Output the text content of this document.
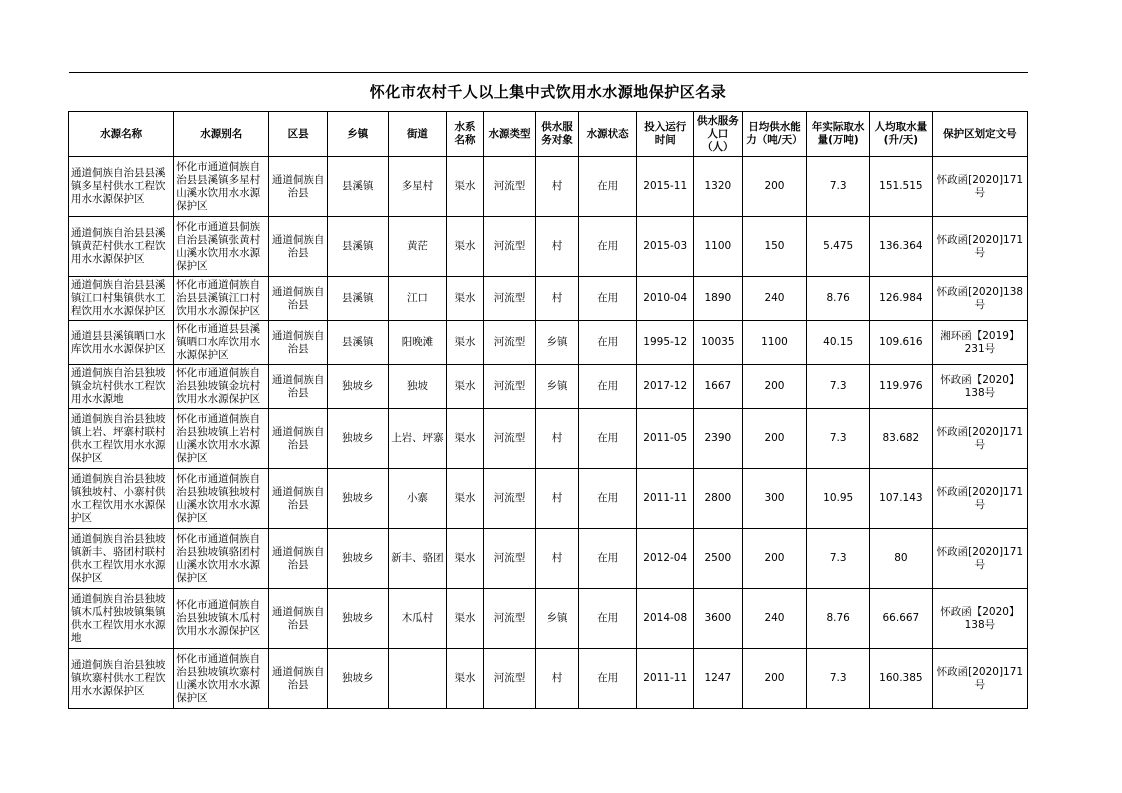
怀化市农村千人以上集中式饮用水水源地保护区名录														
水源名称	水源别名	区县	乡镇	街道	水系名称	水源类型	供水服务对象	水源状态	投入运行时间	供水服务人口（人）	日均供水能力（吨/天）	年实际取水量(万吨)	人均取水量(升/天)	保护区划定文号

通道侗族自治县县溪镇多星村供水工程饮用水水源保护区	怀化市通道侗族自治县县溪镇多星村山溪水饮用水水源保护区	通道侗族自治县	县溪镇	多星村	渠水	河流型	村	在用	2015-11	1320	200	7.3	151.515	怀政函[2020]171号

通道侗族自治县县溪镇黄茫村供水工程饮用水水源保护区	怀化市通道县侗族自治县溪镇张黄村山溪水饮用水水源保护区	通道侗族自治县	县溪镇	黄茫	渠水	河流型	村	在用	2015-03	1100	150	5.475	136.364	怀政函[2020]171号

通道侗族自治县县溪镇江口村集镇供水工程饮用水水源保护区	怀化市通道侗族自治县县溪镇江口村饮用水水源保护区	通道侗族自治县	县溪镇	江口	渠水	河流型	村	在用	2010-04	1890	240	8.76	126.984	怀政函[2020]138号

通道县县溪镇晒口水库饮用水水源保护区	怀化市通道县县溪镇晒口水库饮用水水源保护区	通道侗族自治县	县溪镇	阳晚滩	渠水	河流型	乡镇	在用	1995-12	10035	1100	40.15	109.616	湘环函【2019】231号

通道侗族自治县独坡镇金坑村供水工程饮用水水源地	怀化市通道侗族自治县独坡镇金坑村饮用水水源保护区	通道侗族自治县	独坡乡	独坡	渠水	河流型	乡镇	在用	2017-12	1667	200	7.3	119.976	怀政函【2020】138号

通道侗族自治县独坡镇上岩、坪寨村联村供水工程饮用水水源保护区	怀化市通道侗族自治县独坡镇上岩村山溪水饮用水水源保护区	通道侗族自治县	独坡乡	上岩、坪寨	渠水	河流型	村	在用	2011-05	2390	200	7.3	83.682	怀政函[2020]171号

通道侗族自治县独坡镇独坡村、小寨村供水工程饮用水水源保护区	怀化市通道侗族自治县独坡镇独坡村山溪水饮用水水源保护区	通道侗族自治县	独坡乡	小寨	渠水	河流型	村	在用	2011-11	2800	300	10.95	107.143	怀政函[2020]171号

通道侗族自治县独坡镇新丰、骆团村联村供水工程饮用水水源保护区	怀化市通道侗族自治县独坡镇骆团村山溪水饮用水水源保护区	通道侗族自治县	独坡乡	新丰、骆团	渠水	河流型	村	在用	2012-04	2500	200	7.3	80	怀政函[2020]171号

通道侗族自治县独坡镇木瓜村独坡镇集镇供水工程饮用水水源地	怀化市通道侗族自治县独坡镇木瓜村饮用水水源保护区	通道侗族自治县	独坡乡	木瓜村	渠水	河流型	乡镇	在用	2014-08	3600	240	8.76	66.667	怀政函【2020】138号

通道侗族自治县独坡镇坎寨村供水工程饮用水水源保护区	怀化市通道侗族自治县独坡镇坎寨村山溪水饮用水水源保护区	通道侗族自治县	独坡乡		渠水	河流型	村	在用	2011-11	1247	200	7.3	160.385	怀政函[2020]171号
